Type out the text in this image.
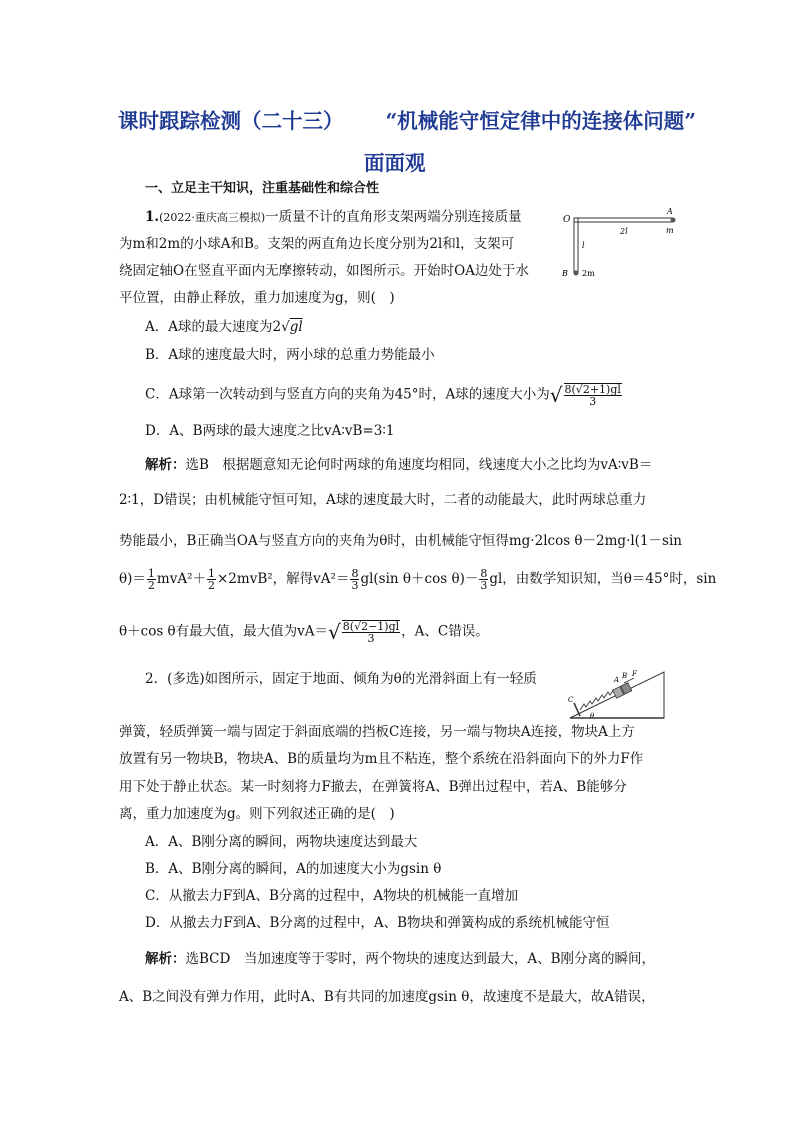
课时跟踪检测（二十三） “机械能守恒定律中的连接体问题”
面面观
一、立足主干知识，注重基础性和综合性
1.(2022·重庆高三模拟)一质量不计的直角形支架两端分别连接质量
为m和2m的小球A和B。支架的两直角边长度分别为2l和l，支架可
绕固定轴O在竖直平面内无摩擦转动，如图所示。开始时OA边处于水
平位置，由静止释放，重力加速度为g，则(　)
O
A
m
2l
l
B 2m
A．A球的最大速度为2√gl
B．A球的速度最大时，两小球的总重力势能最小
C．A球第一次转动到与竖直方向的夹角为45°时，A球的速度大小为√ $\frac{8(√2+1)gl}{3}$
D．A、B两球的最大速度之比vA∶vB=3∶1
解析：选B　根据题意知无论何时两球的角速度均相同，线速度大小之比均为vA∶vB＝
2∶1，D错误；由机械能守恒可知，A球的速度最大时，二者的动能最大，此时两球总重力
势能最小，B正确当OA与竖直方向的夹角为θ时，由机械能守恒得mg·2lcos θ－2mg·l(1－sin
$\theta)= \frac{1}{2} mvA^2+ \frac{1}{2} \times 2mvB^2$，解得$vA^2= \frac{8}{3} gl(\sin$ θ＋cos $\theta)- \frac{8}{3}$ gl，由数学知识知，当θ＝45°时，sin
θ＋cos θ有最大值，最大值为$vA=√ \frac{8(√2-1)gl}{3}$ ，A、C错误。
2．(多选)如图所示，固定于地面、倾角为θ的光滑斜面上有一轻质	A B F
C
θ
弹簧，轻质弹簧一端与固定于斜面底端的挡板C连接，另一端与物块A连接，物块A上方
放置有另一物块B，物块A、B的质量均为m且不粘连，整个系统在沿斜面向下的外力F作
用下处于静止状态。某一时刻将力F撤去，在弹簧将A、B弹出过程中，若A、B能够分
离，重力加速度为g。则下列叙述正确的是(　)
A．A、B刚分离的瞬间，两物块速度达到最大
B．A、B刚分离的瞬间，A的加速度大小为gsin θ
C．从撤去力F到A、B分离的过程中，A物块的机械能一直增加
D．从撤去力F到A、B分离的过程中，A、B物块和弹簧构成的系统机械能守恒
解析：选BCD　当加速度等于零时，两个物块的速度达到最大，A、B刚分离的瞬间，
A、B之间没有弹力作用，此时A、B有共同的加速度gsin θ，故速度不是最大，故A错误，
